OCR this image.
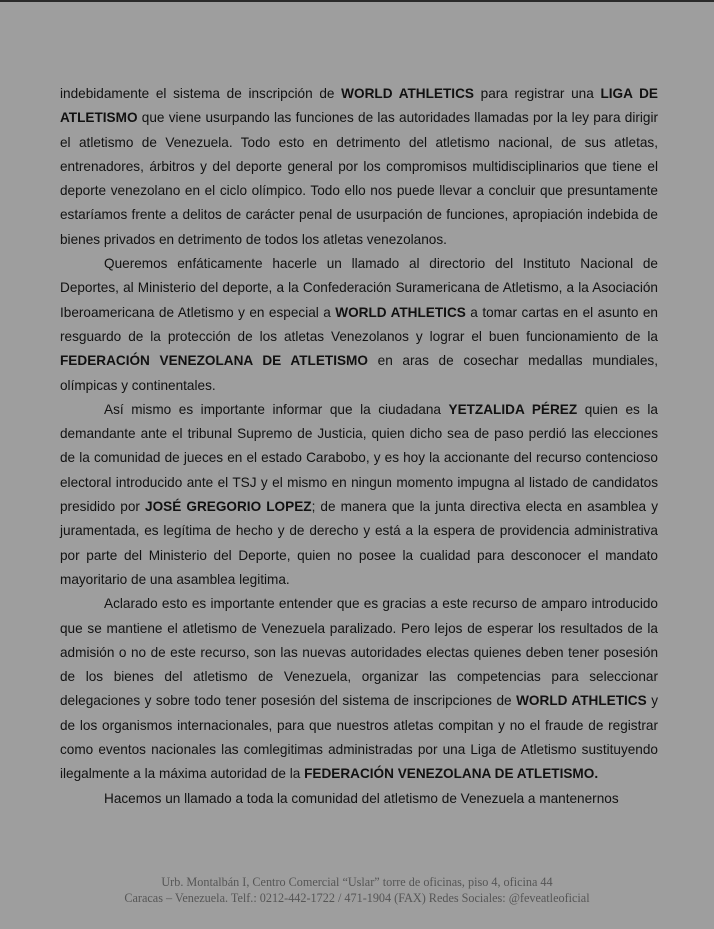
indebidamente el sistema de inscripción de WORLD ATHLETICS para registrar una LIGA DE ATLETISMO que viene usurpando las funciones de las autoridades llamadas por la ley para dirigir el atletismo de Venezuela. Todo esto en detrimento del atletismo nacional, de sus atletas, entrenadores, árbitros y del deporte general por los compromisos multidisciplinarios que tiene el deporte venezolano en el ciclo olímpico. Todo ello nos puede llevar a concluir que presuntamente estaríamos frente a delitos de carácter penal de usurpación de funciones, apropiación indebida de bienes privados en detrimento de todos los atletas venezolanos.

Queremos enfáticamente hacerle un llamado al directorio del Instituto Nacional de Deportes, al Ministerio del deporte, a la Confederación Suramericana de Atletismo, a la Asociación Iberoamericana de Atletismo y en especial a WORLD ATHLETICS a tomar cartas en el asunto en resguardo de la protección de los atletas Venezolanos y lograr el buen funcionamiento de la FEDERACIÓN VENEZOLANA DE ATLETISMO en aras de cosechar medallas mundiales, olímpicas y continentales.

Así mismo es importante informar que la ciudadana YETZALIDA PÉREZ quien es la demandante ante el tribunal Supremo de Justicia, quien dicho sea de paso perdió las elecciones de la comunidad de jueces en el estado Carabobo, y es hoy la accionante del recurso contencioso electoral introducido ante el TSJ y el mismo en ningun momento impugna al listado de candidatos presidido por JOSÉ GREGORIO LOPEZ; de manera que la junta directiva electa en asamblea y juramentada, es legítima de hecho y de derecho y está a la espera de providencia administrativa por parte del Ministerio del Deporte, quien no posee la cualidad para desconocer el mandato mayoritario de una asamblea legitima.

Aclarado esto es importante entender que es gracias a este recurso de amparo introducido que se mantiene el atletismo de Venezuela paralizado. Pero lejos de esperar los resultados de la admisión o no de este recurso, son las nuevas autoridades electas quienes deben tener posesión de los bienes del atletismo de Venezuela, organizar las competencias para seleccionar delegaciones y sobre todo tener posesión del sistema de inscripciones de WORLD ATHLETICS y de los organismos internacionales, para que nuestros atletas compitan y no el fraude de registrar como eventos nacionales las comlegitimas administradas por una Liga de Atletismo sustituyendo ilegalmente a la máxima autoridad de la FEDERACIÓN VENEZOLANA DE ATLETISMO.

Hacemos un llamado a toda la comunidad del atletismo de Venezuela a mantenernos

Urb. Montalbán I, Centro Comercial “Uslar” torre de oficinas, piso 4, oficina 44
Caracas – Venezuela. Telf.: 0212-442-1722 / 471-1904 (FAX) Redes Sociales: @feveatleoficial
